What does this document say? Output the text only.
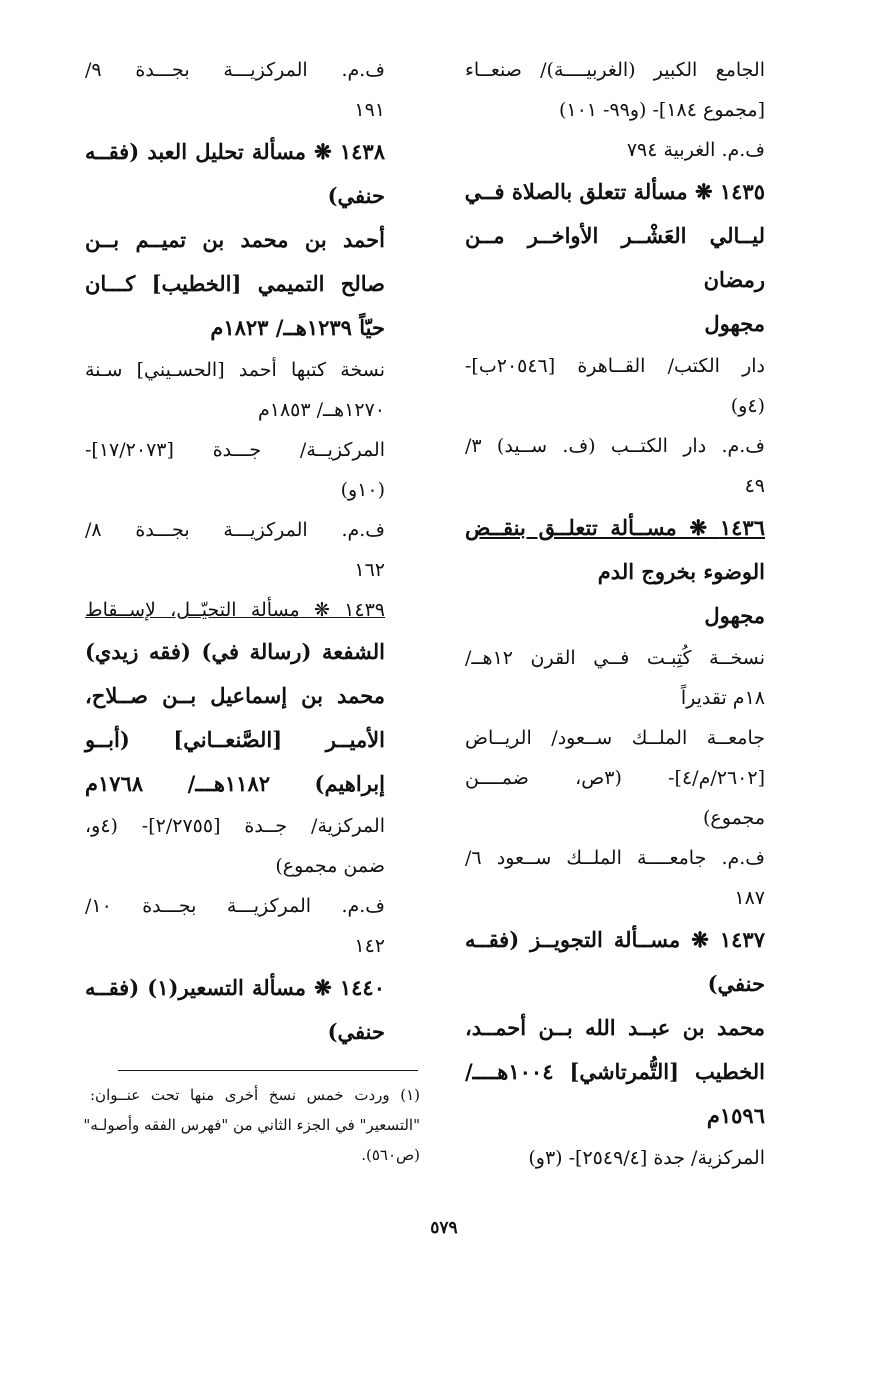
الجامع الكبير (الغربيــــة)/ صنعــاء
[مجموع ١٨٤]- (و٩٩- ١٠١)
ف.م. الغربية ٧٩٤
١٤٣٥ ❋ مسألة تتعلق بالصلاة فــي
ليــالي العَشْــر الأواخــر مــن
رمضان
مجهول
دار الكتب/ القــاهرة [٢٠٥٤٦ب]-
(٤و)
ف.م. دار الكتــب (ف. ســيد) ٣/
٤٩
١٤٣٦ ❋ مســألة تتعلــق بنقــض
الوضوء بخروج الدم
مجهول
نسخــة كُتِبـت فــي القرن ١٢هــ/
١٨م تقديراً
جامعــة الملــك ســعود/ الريــاض
[٢٦٠٢/م/٤]- (٣ص، ضمــــن
مجموع)
ف.م. جامعــــة الملــك ســعود ٦/
١٨٧
١٤٣٧ ❋ مســألة التجويــز (فقــه
حنفي)
محمد بن عبــد الله بــن أحمــد،
الخطيب [التُّمرتاشي] ١٠٠٤هــــ/
١٥٩٦م
المركزية/ جدة [٢٥٤٩/٤]- (٣و)
ف.م. المركزيـــة بجـــدة ٩/
١٩١
١٤٣٨ ❋ مسألة تحليل العبد (فقــه
حنفي)
أحمد بن محمد بن تميــم بــن
صالح التميمي [الخطيب] كـــان
حيّاً ١٢٣٩هــ/ ١٨٢٣م
نسخة كتبها أحمد [الحسـيني] سـنة
١٢٧٠هــ/ ١٨٥٣م
المركزيــة/ جـــدة [١٧/٢٠٧٣]-
(١٠و)
ف.م. المركزيـــة بجـــدة ٨/
١٦٢
١٤٣٩ ❋ مسألة التحيّــل، لإســقاط
الشفعة (رسالة في) (فقه زيدي)
محمد بن إسماعيل بــن صــلاح،
الأميــر [الصَّنعــاني] (أبــو
إبراهيم) ١١٨٢هـــ/ ١٧٦٨م
المركزية/ جــدة [٢/٢٧٥٥]- (٤و،
ضمن مجموع)
ف.م. المركزيـــة بجـــدة ١٠/
١٤٢
١٤٤٠ ❋ مسألة التسعير(١) (فقــه
حنفي)
(١) وردت خمس نسخ أخرى منها تحت عنــوان:
"التسعير" في الجزء الثاني من "فهرس الفقه وأصولـه"
(ص٥٦٠).
٥٧٩
